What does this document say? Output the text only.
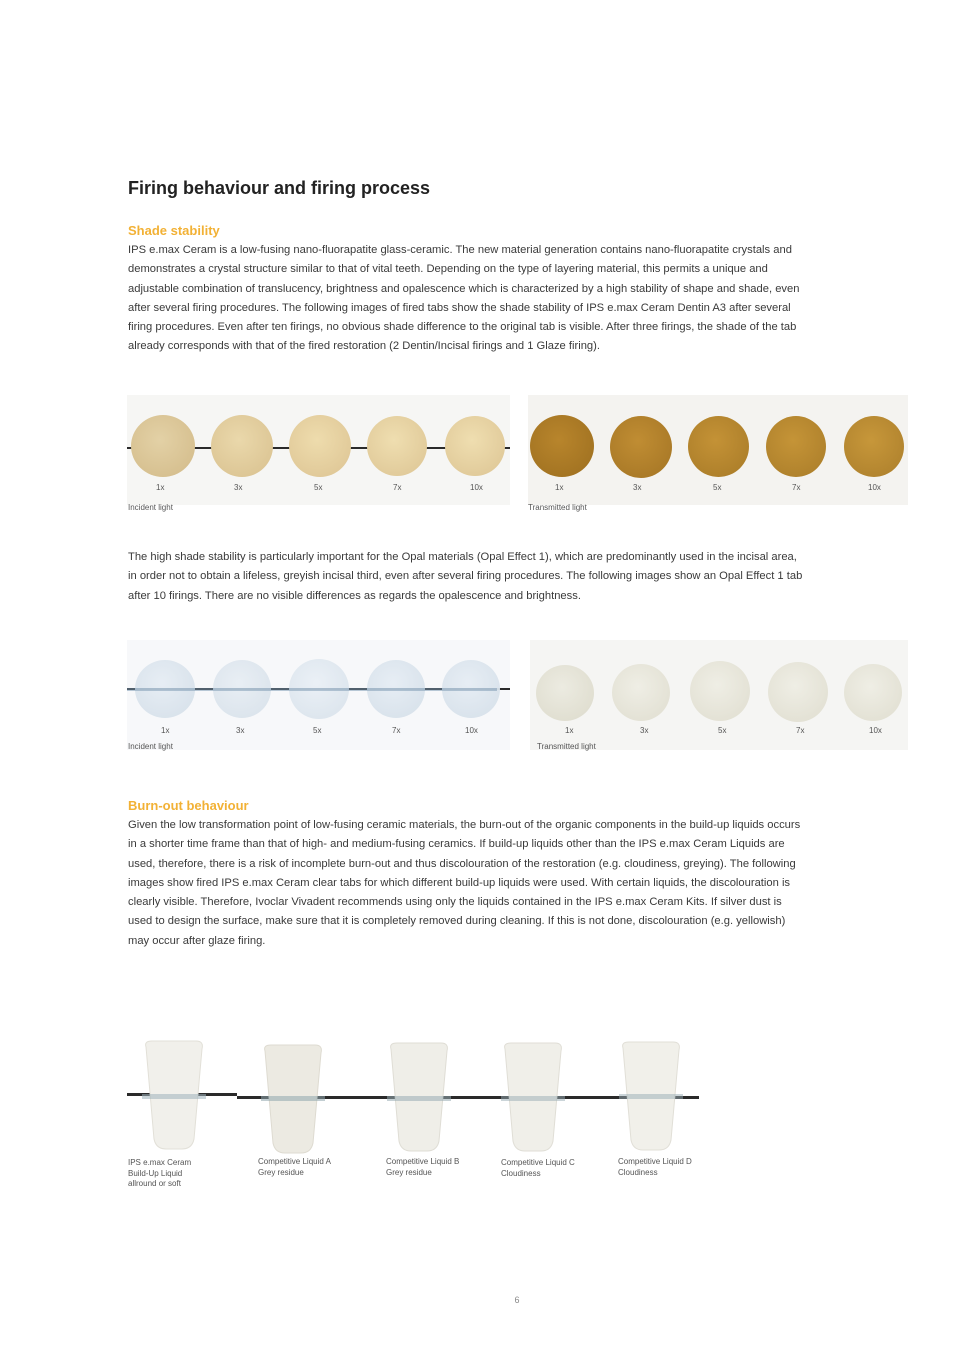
Firing behaviour and firing process
Shade stability

IPS e.max Ceram is a low-fusing nano-fluorapatite glass-ceramic. The new material generation contains nano-fluorapatite crystals and demonstrates a crystal structure similar to that of vital teeth. Depending on the type of layering material, this permits a unique and adjustable combination of translucency, brightness and opalescence which is characterized by a high stability of shape and shade, even after several firing procedures. The following images of fired tabs show the shade stability of IPS e.max Ceram Dentin A3 after several firing procedures. Even after ten firings, no obvious shade difference to the original tab is visible. After three firings, the shade of the tab already corresponds with that of the fired restoration (2 Dentin/Incisal firings and 1 Glaze firing).

1x	3x	5x	7x	10x	1x	3x	5x	7x	10x
Incident light	Transmitted light

The high shade stability is particularly important for the Opal materials (Opal Effect 1), which are predominantly used in the incisal area, in order not to obtain a lifeless, greyish incisal third, even after several firing procedures. The following images show an Opal Effect 1 tab after 10 firings. There are no visible differences as regards the opalescence and brightness.

1x	3x	5x	7x	10x	1x	3x	5x	7x	10x
Incident light	Transmitted light
Burn-out behaviour

Given the low transformation point of low-fusing ceramic materials, the burn-out of the organic components in the build-up liquids occurs in a shorter time frame than that of high- and medium-fusing ceramics. If build-up liquids other than the IPS e.max Ceram Liquids are used, therefore, there is a risk of incomplete burn-out and thus discolouration of the restoration (e.g. cloudiness, greying). The following images show fired IPS e.max Ceram clear tabs for which different build-up liquids were used. With certain liquids, the discolouration is clearly visible. Therefore, Ivoclar Vivadent recommends using only the liquids contained in the IPS e.max Ceram Kits. If silver dust is used to design the surface, make sure that it is completely removed during cleaning. If this is not done, discolouration (e.g. yellowish) may occur after glaze firing.

IPS e.max Ceram
Build-Up Liquid
allround or soft
Competitive Liquid A
Grey residue
Competitive Liquid B
Grey residue
Competitive Liquid C
Cloudiness
Competitive Liquid D
Cloudiness
6
